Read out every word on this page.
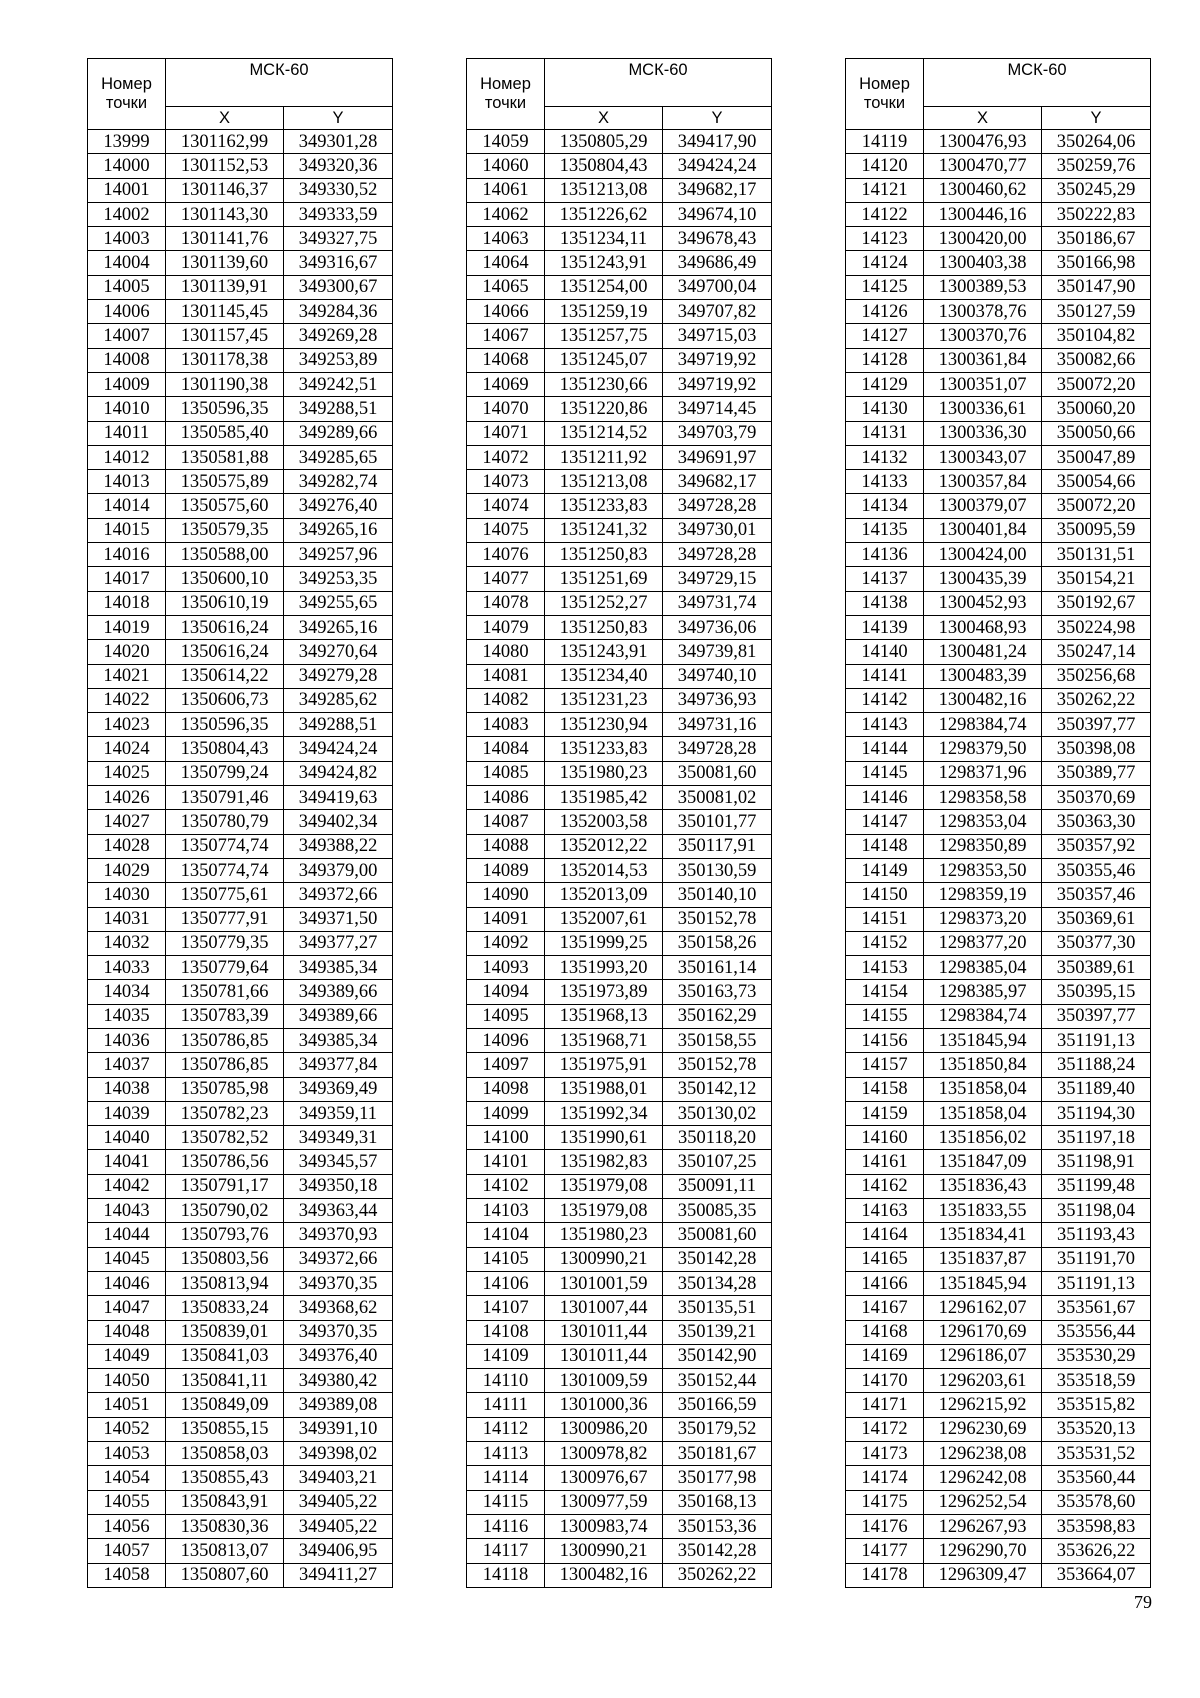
Номер точки	МСК-60	
	X	Y
13999	1301162,99	349301,28
14000	1301152,53	349320,36
14001	1301146,37	349330,52
14002	1301143,30	349333,59
14003	1301141,76	349327,75
14004	1301139,60	349316,67
14005	1301139,91	349300,67
14006	1301145,45	349284,36
14007	1301157,45	349269,28
14008	1301178,38	349253,89
14009	1301190,38	349242,51
14010	1350596,35	349288,51
14011	1350585,40	349289,66
14012	1350581,88	349285,65
14013	1350575,89	349282,74
14014	1350575,60	349276,40
14015	1350579,35	349265,16
14016	1350588,00	349257,96
14017	1350600,10	349253,35
14018	1350610,19	349255,65
14019	1350616,24	349265,16
14020	1350616,24	349270,64
14021	1350614,22	349279,28
14022	1350606,73	349285,62
14023	1350596,35	349288,51
14024	1350804,43	349424,24
14025	1350799,24	349424,82
14026	1350791,46	349419,63
14027	1350780,79	349402,34
14028	1350774,74	349388,22
14029	1350774,74	349379,00
14030	1350775,61	349372,66
14031	1350777,91	349371,50
14032	1350779,35	349377,27
14033	1350779,64	349385,34
14034	1350781,66	349389,66
14035	1350783,39	349389,66
14036	1350786,85	349385,34
14037	1350786,85	349377,84
14038	1350785,98	349369,49
14039	1350782,23	349359,11
14040	1350782,52	349349,31
14041	1350786,56	349345,57
14042	1350791,17	349350,18
14043	1350790,02	349363,44
14044	1350793,76	349370,93
14045	1350803,56	349372,66
14046	1350813,94	349370,35
14047	1350833,24	349368,62
14048	1350839,01	349370,35
14049	1350841,03	349376,40
14050	1350841,11	349380,42
14051	1350849,09	349389,08
14052	1350855,15	349391,10
14053	1350858,03	349398,02
14054	1350855,43	349403,21
14055	1350843,91	349405,22
14056	1350830,36	349405,22
14057	1350813,07	349406,95
14058	1350807,60	349411,27
Номер точки	МСК-60	
	X	Y
14059	1350805,29	349417,90
14060	1350804,43	349424,24
14061	1351213,08	349682,17
14062	1351226,62	349674,10
14063	1351234,11	349678,43
14064	1351243,91	349686,49
14065	1351254,00	349700,04
14066	1351259,19	349707,82
14067	1351257,75	349715,03
14068	1351245,07	349719,92
14069	1351230,66	349719,92
14070	1351220,86	349714,45
14071	1351214,52	349703,79
14072	1351211,92	349691,97
14073	1351213,08	349682,17
14074	1351233,83	349728,28
14075	1351241,32	349730,01
14076	1351250,83	349728,28
14077	1351251,69	349729,15
14078	1351252,27	349731,74
14079	1351250,83	349736,06
14080	1351243,91	349739,81
14081	1351234,40	349740,10
14082	1351231,23	349736,93
14083	1351230,94	349731,16
14084	1351233,83	349728,28
14085	1351980,23	350081,60
14086	1351985,42	350081,02
14087	1352003,58	350101,77
14088	1352012,22	350117,91
14089	1352014,53	350130,59
14090	1352013,09	350140,10
14091	1352007,61	350152,78
14092	1351999,25	350158,26
14093	1351993,20	350161,14
14094	1351973,89	350163,73
14095	1351968,13	350162,29
14096	1351968,71	350158,55
14097	1351975,91	350152,78
14098	1351988,01	350142,12
14099	1351992,34	350130,02
14100	1351990,61	350118,20
14101	1351982,83	350107,25
14102	1351979,08	350091,11
14103	1351979,08	350085,35
14104	1351980,23	350081,60
14105	1300990,21	350142,28
14106	1301001,59	350134,28
14107	1301007,44	350135,51
14108	1301011,44	350139,21
14109	1301011,44	350142,90
14110	1301009,59	350152,44
14111	1301000,36	350166,59
14112	1300986,20	350179,52
14113	1300978,82	350181,67
14114	1300976,67	350177,98
14115	1300977,59	350168,13
14116	1300983,74	350153,36
14117	1300990,21	350142,28
14118	1300482,16	350262,22
Номер точки	МСК-60	
	X	Y
14119	1300476,93	350264,06
14120	1300470,77	350259,76
14121	1300460,62	350245,29
14122	1300446,16	350222,83
14123	1300420,00	350186,67
14124	1300403,38	350166,98
14125	1300389,53	350147,90
14126	1300378,76	350127,59
14127	1300370,76	350104,82
14128	1300361,84	350082,66
14129	1300351,07	350072,20
14130	1300336,61	350060,20
14131	1300336,30	350050,66
14132	1300343,07	350047,89
14133	1300357,84	350054,66
14134	1300379,07	350072,20
14135	1300401,84	350095,59
14136	1300424,00	350131,51
14137	1300435,39	350154,21
14138	1300452,93	350192,67
14139	1300468,93	350224,98
14140	1300481,24	350247,14
14141	1300483,39	350256,68
14142	1300482,16	350262,22
14143	1298384,74	350397,77
14144	1298379,50	350398,08
14145	1298371,96	350389,77
14146	1298358,58	350370,69
14147	1298353,04	350363,30
14148	1298350,89	350357,92
14149	1298353,50	350355,46
14150	1298359,19	350357,46
14151	1298373,20	350369,61
14152	1298377,20	350377,30
14153	1298385,04	350389,61
14154	1298385,97	350395,15
14155	1298384,74	350397,77
14156	1351845,94	351191,13
14157	1351850,84	351188,24
14158	1351858,04	351189,40
14159	1351858,04	351194,30
14160	1351856,02	351197,18
14161	1351847,09	351198,91
14162	1351836,43	351199,48
14163	1351833,55	351198,04
14164	1351834,41	351193,43
14165	1351837,87	351191,70
14166	1351845,94	351191,13
14167	1296162,07	353561,67
14168	1296170,69	353556,44
14169	1296186,07	353530,29
14170	1296203,61	353518,59
14171	1296215,92	353515,82
14172	1296230,69	353520,13
14173	1296238,08	353531,52
14174	1296242,08	353560,44
14175	1296252,54	353578,60
14176	1296267,93	353598,83
14177	1296290,70	353626,22
14178	1296309,47	353664,07
79
